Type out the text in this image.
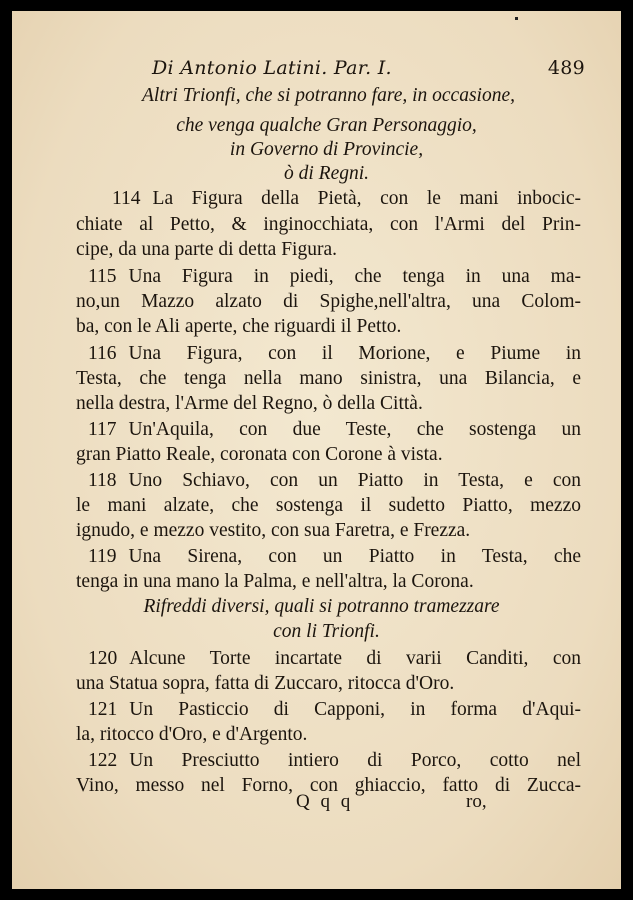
Di Antonio Latini. Par. I.	489
Altri Trionfi, che si potranno fare, in occasione,
che venga qualche Gran Personaggio,
in Governo di Provincie,
ò di Regni.
114 La Figura della Pietà, con le mani inbocic-
chiate al Petto, & inginocchiata, con l'Armi del Prin-
cipe, da una parte di detta Figura.
115 Una Figura in piedi, che tenga in una ma-
no,un Mazzo alzato di Spighe,nell'altra, una Colom-
ba, con le Ali aperte, che riguardi il Petto.
116 Una Figura, con il Morione, e Piume in
Testa, che tenga nella mano sinistra, una Bilancia, e
nella destra, l'Arme del Regno, ò della Città.
117 Un'Aquila, con due Teste, che sostenga un
gran Piatto Reale, coronata con Corone à vista.
118 Uno Schiavo, con un Piatto in Testa, e con
le mani alzate, che sostenga il sudetto Piatto, mezzo
ignudo, e mezzo vestito, con sua Faretra, e Frezza.
119 Una Sirena, con un Piatto in Testa, che
tenga in una mano la Palma, e nell'altra, la Corona.
Rifreddi diversi, quali si potranno tramezzare
con li Trionfi.
120 Alcune Torte incartate di varii Canditi, con
una Statua sopra, fatta di Zuccaro, ritocca d'Oro.
121 Un Pasticcio di Capponi, in forma d'Aqui-
la, ritocco d'Oro, e d'Argento.
122 Un Presciutto intiero di Porco, cotto nel
Vino, messo nel Forno, con ghiaccio, fatto di Zucca-
Q q q	ro,
